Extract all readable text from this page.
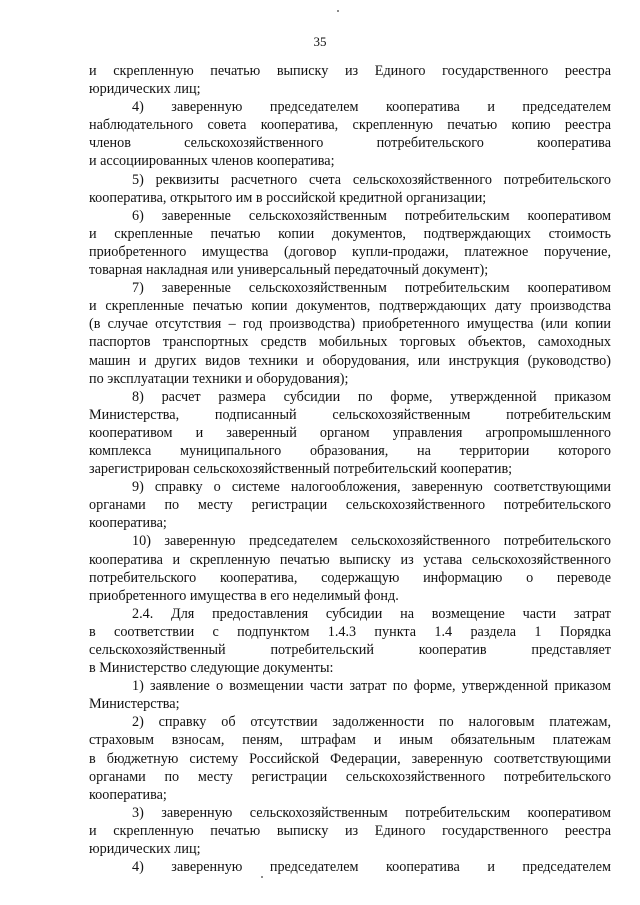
35
и скрепленную печатью выписку из Единого государственного реестра
юридических лиц;
4) заверенную председателем кооператива и председателем
наблюдательного совета кооператива, скрепленную печатью копию реестра
членов сельскохозяйственного потребительского кооператива
и ассоциированных членов кооператива;
5) реквизиты расчетного счета сельскохозяйственного потребительского
кооператива, открытого им в российской кредитной организации;
6) заверенные сельскохозяйственным потребительским кооперативом
и скрепленные печатью копии документов, подтверждающих стоимость
приобретенного имущества (договор купли-продажи, платежное поручение,
товарная накладная или универсальный передаточный документ);
7) заверенные сельскохозяйственным потребительским кооперативом
и скрепленные печатью копии документов, подтверждающих дату производства
(в случае отсутствия – год производства) приобретенного имущества (или копии
паспортов транспортных средств мобильных торговых объектов, самоходных
машин и других видов техники и оборудования, или инструкция (руководство)
по эксплуатации техники и оборудования);
8) расчет размера субсидии по форме, утвержденной приказом
Министерства, подписанный сельскохозяйственным потребительским
кооперативом и заверенный органом управления агропромышленного
комплекса муниципального образования, на территории которого
зарегистрирован сельскохозяйственный потребительский кооператив;
9) справку о системе налогообложения, заверенную соответствующими
органами по месту регистрации сельскохозяйственного потребительского
кооператива;
10) заверенную председателем сельскохозяйственного потребительского
кооператива и скрепленную печатью выписку из устава сельскохозяйственного
потребительского кооператива, содержащую информацию о переводе
приобретенного имущества в его неделимый фонд.
2.4. Для предоставления субсидии на возмещение части затрат
в соответствии с подпунктом 1.4.3 пункта 1.4 раздела 1 Порядка
сельскохозяйственный потребительский кооператив представляет
в Министерство следующие документы:
1) заявление о возмещении части затрат по форме, утвержденной приказом
Министерства;
2) справку об отсутствии задолженности по налоговым платежам,
страховым взносам, пеням, штрафам и иным обязательным платежам
в бюджетную систему Российской Федерации, заверенную соответствующими
органами по месту регистрации сельскохозяйственного потребительского
кооператива;
3) заверенную сельскохозяйственным потребительским кооперативом
и скрепленную печатью выписку из Единого государственного реестра
юридических лиц;
4) заверенную председателем кооператива и председателем
